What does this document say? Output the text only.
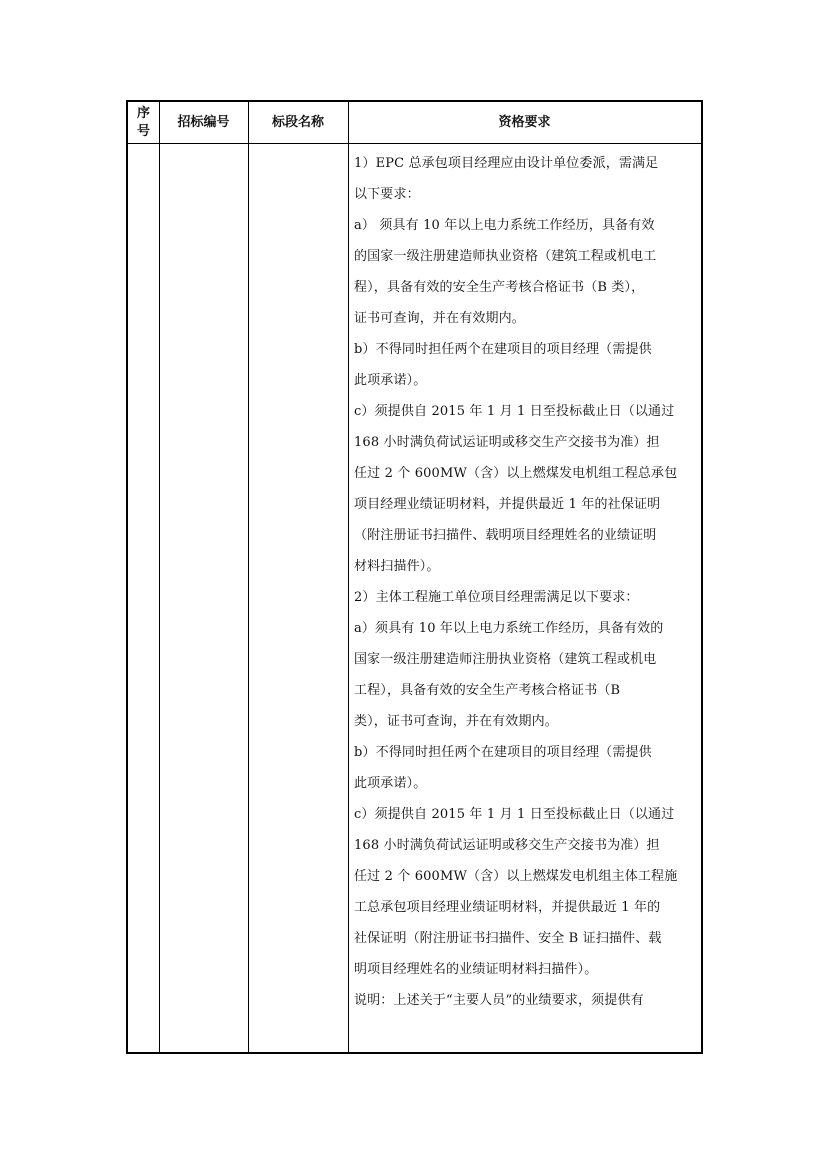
序号
招标编号	标段名称	资格要求
1）EPC 总承包项目经理应由设计单位委派，需满足
以下要求：
a） 须具有 10 年以上电力系统工作经历，具备有效
的国家一级注册建造师执业资格（建筑工程或机电工
程），具备有效的安全生产考核合格证书（B 类），
证书可查询，并在有效期内。
b）不得同时担任两个在建项目的项目经理（需提供
此项承诺）。
c）须提供自 2015 年 1 月 1 日至投标截止日（以通过
168 小时满负荷试运证明或移交生产交接书为准）担
任过 2 个 600MW（含）以上燃煤发电机组工程总承包
项目经理业绩证明材料，并提供最近 1 年的社保证明
（附注册证书扫描件、载明项目经理姓名的业绩证明
材料扫描件）。
2）主体工程施工单位项目经理需满足以下要求：
a）须具有 10 年以上电力系统工作经历，具备有效的
国家一级注册建造师注册执业资格（建筑工程或机电
工程），具备有效的安全生产考核合格证书（B
类），证书可查询，并在有效期内。
b）不得同时担任两个在建项目的项目经理（需提供
此项承诺）。
c）须提供自 2015 年 1 月 1 日至投标截止日（以通过
168 小时满负荷试运证明或移交生产交接书为准）担
任过 2 个 600MW（含）以上燃煤发电机组主体工程施
工总承包项目经理业绩证明材料，并提供最近 1 年的
社保证明（附注册证书扫描件、安全 B 证扫描件、载
明项目经理姓名的业绩证明材料扫描件）。
说明：上述关于“主要人员”的业绩要求，须提供有
